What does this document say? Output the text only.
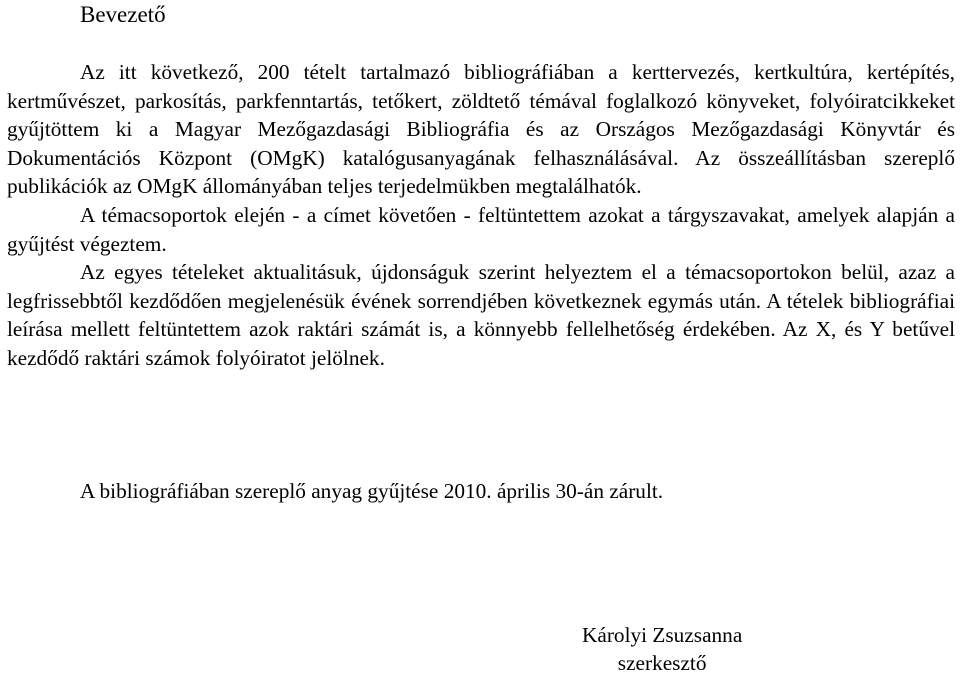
Bevezető

Az itt következő, 200 tételt tartalmazó bibliográfiában a kerttervezés, kertkultúra, kertépítés, kertművészet, parkosítás, parkfenntartás, tetőkert, zöldtető témával foglalkozó könyveket, folyóiratcikkeket gyűjtöttem ki a Magyar Mezőgazdasági Bibliográfia és az Országos Mezőgazdasági Könyvtár és Dokumentációs Központ (OMgK) katalógusanyagának felhasználásával. Az összeállításban szereplő publikációk az OMgK állományában teljes terjedelmükben megtalálhatók.

A témacsoportok elején - a címet követően - feltüntettem azokat a tárgyszavakat, amelyek alapján a gyűjtést végeztem.

Az egyes tételeket aktualitásuk, újdonságuk szerint helyeztem el a témacsoportokon belül, azaz a legfrissebbtől kezdődően megjelenésük évének sorrendjében következnek egymás után. A tételek bibliográfiai leírása mellett feltüntettem azok raktári számát is, a könnyebb fellelhetőség érdekében. Az X, és Y betűvel kezdődő raktári számok folyóiratot jelölnek.

A bibliográfiában szereplő anyag gyűjtése 2010. április 30-án zárult.

Károlyi Zsuzsanna
szerkesztő
